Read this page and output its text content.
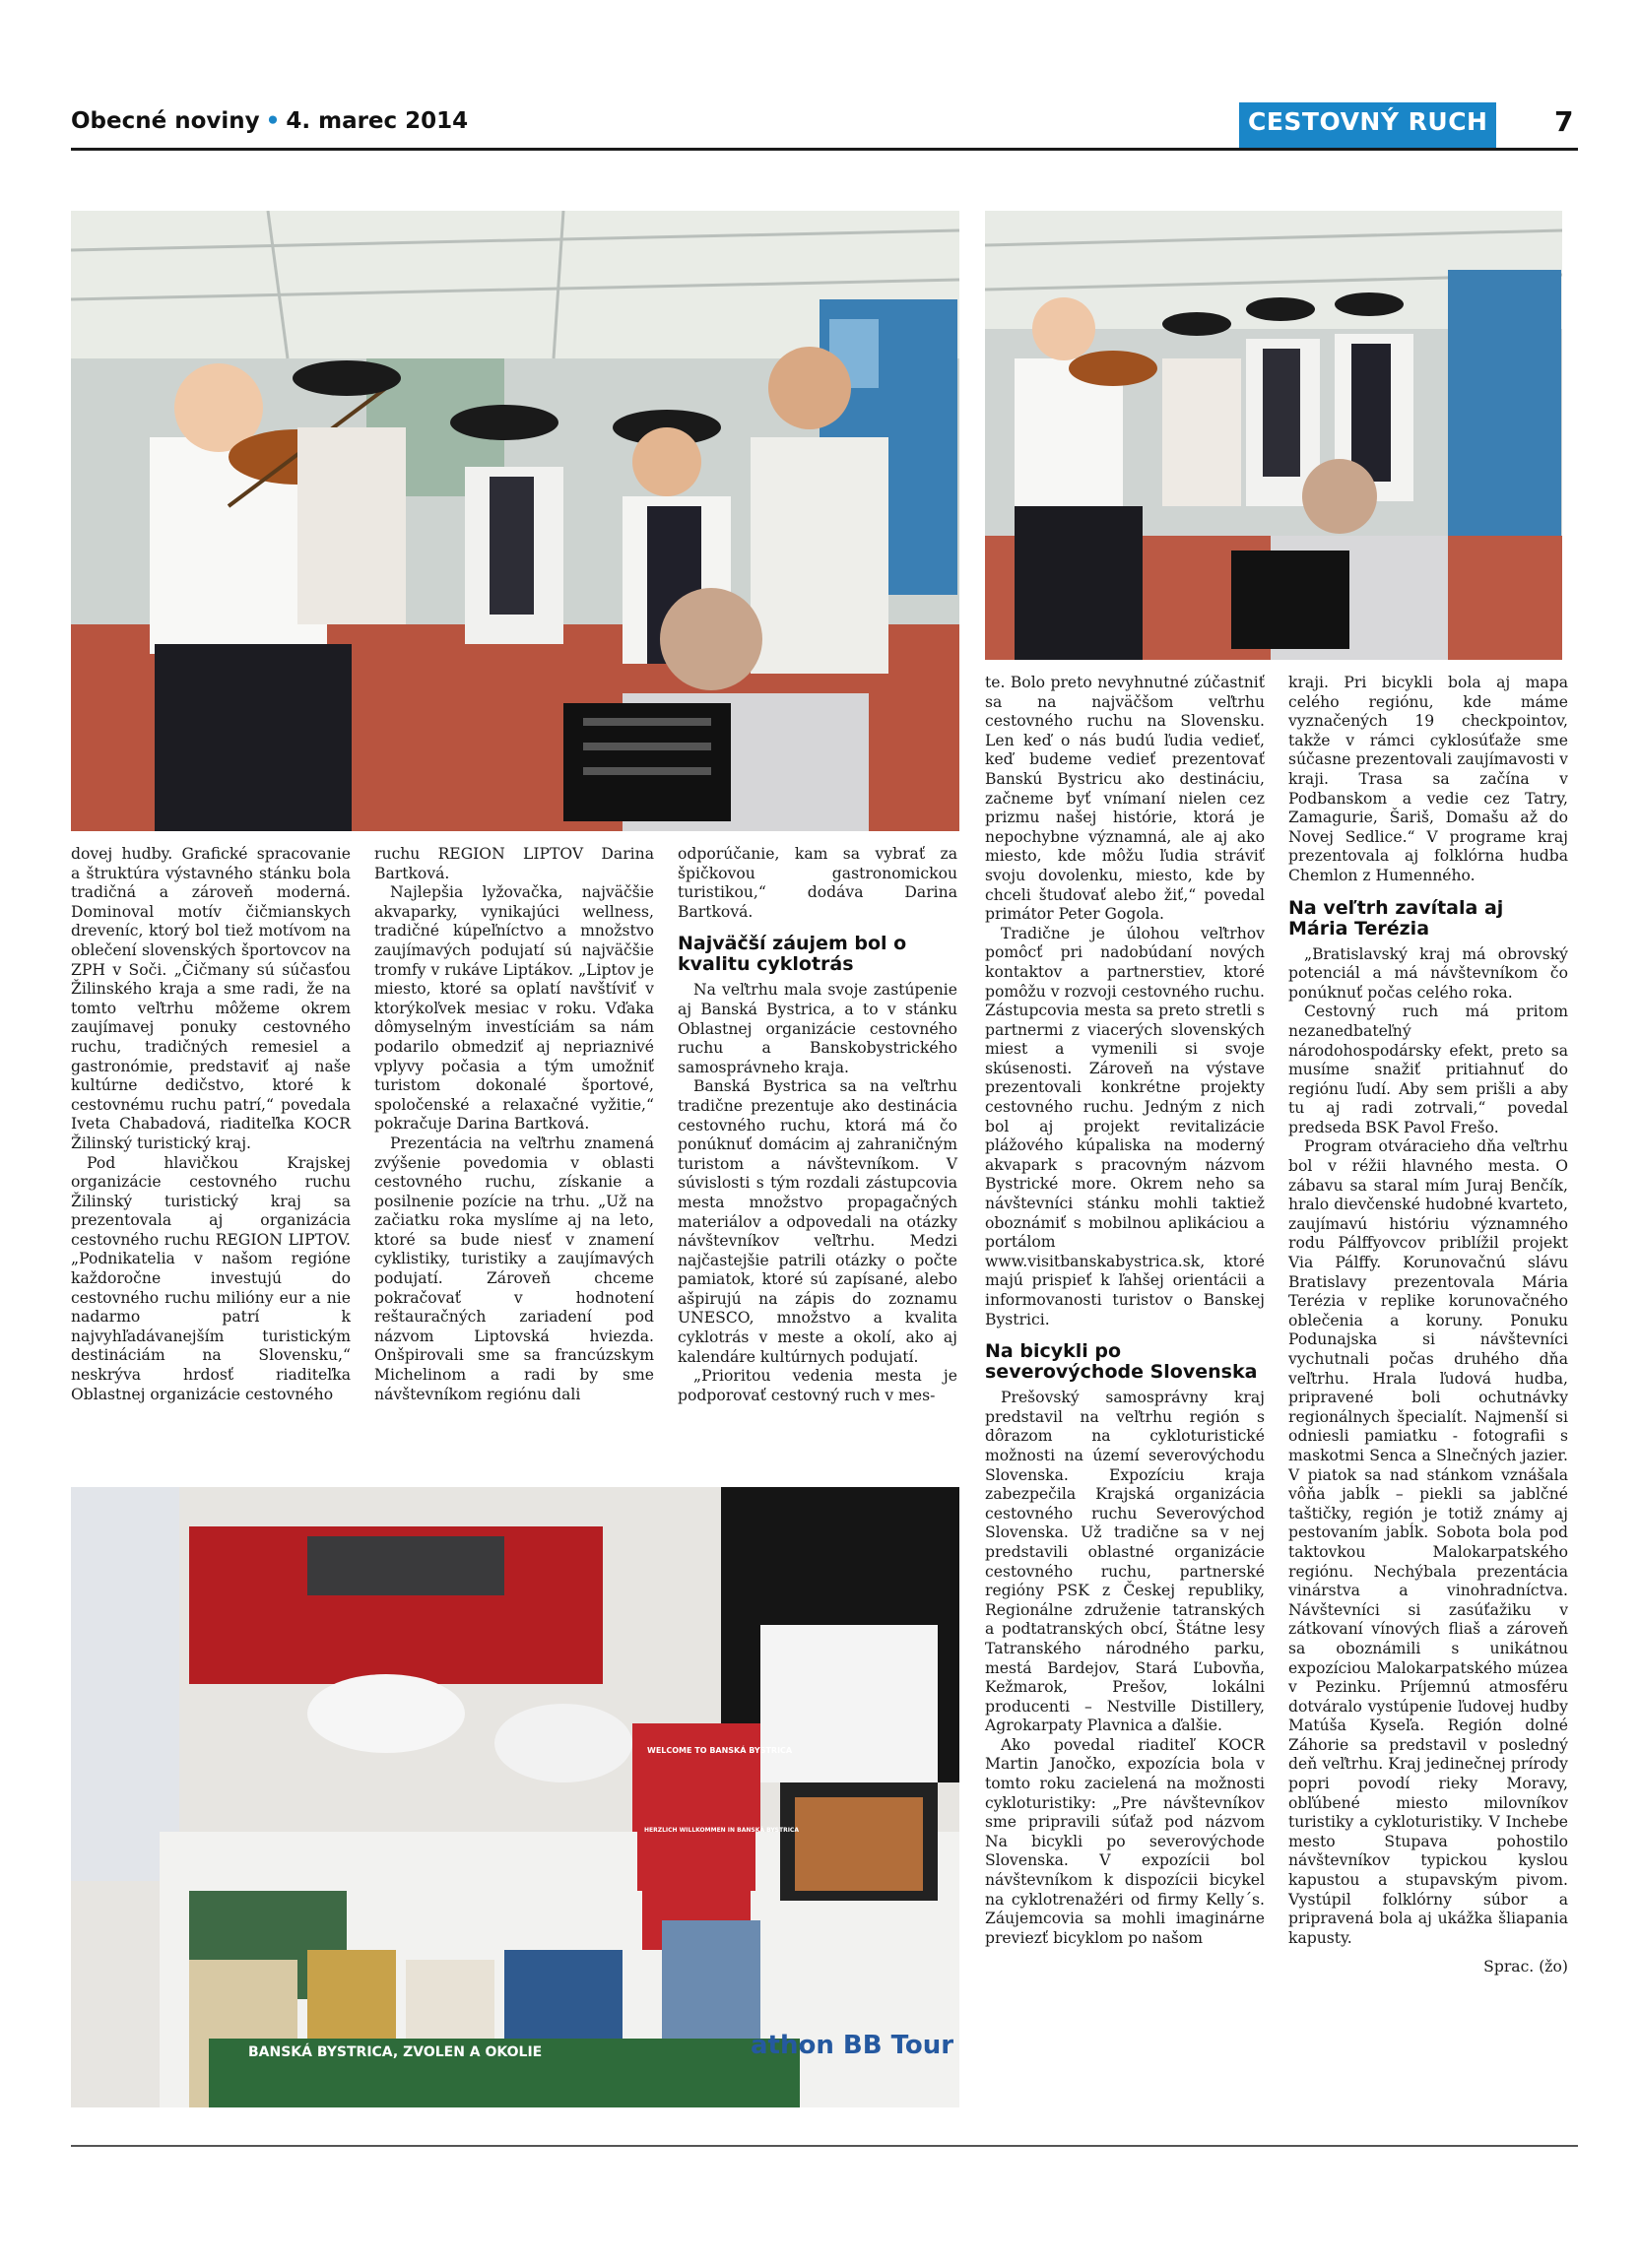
Obecné noviny • 4. marec 2014	CESTOVNÝ RUCH	7

dovej hudby. Grafické spracovanie a štruktúra výstavného stánku bola tradičná a zároveň moderná. Dominoval motív čičmianskych dreveníc, ktorý bol tiež motívom na oblečení slovenských športovcov na ZPH v Soči. „Čičmany sú súčasťou Žilinského kraja a sme radi, že na tomto veľtrhu môžeme okrem zaujímavej ponuky cestovného ruchu, tradičných remesiel a gastronómie, predstaviť aj naše kultúrne dedičstvo, ktoré k cestovnému ruchu patrí,“ povedala Iveta Chabadová, riaditeľka KOCR Žilinský turistický kraj.

Pod hlavičkou Krajskej organizácie cestovného ruchu Žilinský turistický kraj sa prezentovala aj organizácia cestovného ruchu REGION LIPTOV. „Podnikatelia v našom regióne každoročne investujú do cestovného ruchu milióny eur a nie nadarmo patrí k najvyhľadávanejším turistickým destináciám na Slovensku,“ neskrýva hrdosť riaditeľka Oblastnej organizácie cestovného

ruchu REGION LIPTOV Darina Bartková.

Najlepšia lyžovačka, najväčšie akvaparky, vynikajúci wellness, tradičné kúpeľníctvo a množstvo zaujímavých podujatí sú najväčšie tromfy v rukáve Liptákov. „Liptov je miesto, ktoré sa oplatí navštíviť v ktorýkoľvek mesiac v roku. Vďaka dômyselným investíciám sa nám podarilo obmedziť aj nepriaznivé vplyvy počasia a tým umožniť turistom dokonalé športové, spoločenské a relaxačné vyžitie,“ pokračuje Darina Bartková.

Prezentácia na veľtrhu znamená zvýšenie povedomia v oblasti cestovného ruchu, získanie a posilnenie pozície na trhu. „Už na začiatku roka myslíme aj na leto, ktoré sa bude niesť v znamení cyklistiky, turistiky a zaujímavých podujatí. Zároveň chceme pokračovať v hodnotení reštauračných zariadení pod názvom Liptovská hviezda. Onšpirovali sme sa francúzskym Michelinom a radi by sme návštevníkom regiónu dali

odporúčanie, kam sa vybrať za špičkovou gastronomickou turistikou,“ dodáva Darina Bartková.

Najväčší záujem bol o kvalitu cyklotrás

Na veľtrhu mala svoje zastúpenie aj Banská Bystrica, a to v stánku Oblastnej organizácie cestovného ruchu a Banskobystrického samosprávneho kraja.

Banská Bystrica sa na veľtrhu tradične prezentuje ako destinácia cestovného ruchu, ktorá má čo ponúknuť domácim aj zahraničným turistom a návštevníkom. V súvislosti s tým rozdali zástupcovia mesta množstvo propagačných materiálov a odpovedali na otázky návštevníkov veľtrhu. Medzi najčastejšie patrili otázky o počte pamiatok, ktoré sú zapísané, alebo ašpirujú na zápis do zoznamu UNESCO, množstvo a kvalita cyklotrás v meste a okolí, ako aj kalendáre kultúrnych podujatí.

„Prioritou vedenia mesta je podporovať cestovný ruch v mes-

te. Bolo preto nevyhnutné zúčastniť sa na najväčšom veľtrhu cestovného ruchu na Slovensku. Len keď o nás budú ľudia vedieť, keď budeme vedieť prezentovať Banskú Bystricu ako destináciu, začneme byť vnímaní nielen cez prizmu našej histórie, ktorá je nepochybne významná, ale aj ako miesto, kde môžu ľudia stráviť svoju dovolenku, miesto, kde by chceli študovať alebo žiť,“ povedal primátor Peter Gogola.

Tradične je úlohou veľtrhov pomôcť pri nadobúdaní nových kontaktov a partnerstiev, ktoré pomôžu v rozvoji cestovného ruchu. Zástupcovia mesta sa preto stretli s partnermi z viacerých slovenských miest a vymenili si svoje skúsenosti. Zároveň na výstave prezentovali konkrétne projekty cestovného ruchu. Jedným z nich bol aj projekt revitalizácie plážového kúpaliska na moderný akvapark s pracovným názvom Bystrické more. Okrem neho sa návštevníci stánku mohli taktiež oboznámiť s mobilnou aplikáciou a portálom www.visitbanskabystrica.sk, ktoré majú prispieť k ľahšej orientácii a informovanosti turistov o Banskej Bystrici.

Na bicykli po severovýchode Slovenska

Prešovský samosprávny kraj predstavil na veľtrhu región s dôrazom na cykloturistické možnosti na území severovýchodu Slovenska. Expozíciu kraja zabezpečila Krajská organizácia cestovného ruchu Severovýchod Slovenska. Už tradične sa v nej predstavili oblastné organizácie cestovného ruchu, partnerské regióny PSK z Českej republiky, Regionálne združenie tatranských a podtatranských obcí, Štátne lesy Tatranského národného parku, mestá Bardejov, Stará Ľubovňa, Kežmarok, Prešov, lokálni producenti – Nestville Distillery, Agrokarpaty Plavnica a ďalšie.

Ako povedal riaditeľ KOCR Martin Janočko, expozícia bola v tomto roku zacielená na možnosti cykloturistiky: „Pre návštevníkov sme pripravili súťaž pod názvom Na bicykli po severovýchode Slovenska. V expozícii bol návštevníkom k dispozícii bicykel na cyklotrenažéri od firmy Kelly´s. Záujemcovia sa mohli imaginárne previezť bicyklom po našom

kraji. Pri bicykli bola aj mapa celého regiónu, kde máme vyznačených 19 checkpointov, takže v rámci cyklosúťaže sme súčasne prezentovali zaujímavosti v kraji. Trasa sa začína v Podbanskom a vedie cez Tatry, Zamagurie, Šariš, Domašu až do Novej Sedlice.“ V programe kraj prezentovala aj folklórna hudba Chemlon z Humenného.

Na veľtrh zavítala aj Mária Terézia

„Bratislavský kraj má obrovský potenciál a má návštevníkom čo ponúknuť počas celého roka.

Cestovný ruch má pritom nezanedbateľný národohospodársky efekt, preto sa musíme snažiť pritiahnuť do regiónu ľudí. Aby sem prišli a aby tu aj radi zotrvali,“ povedal predseda BSK Pavol Frešo.

Program otváracieho dňa veľtrhu bol v réžii hlavného mesta. O zábavu sa staral mím Juraj Benčík, hralo dievčenské hudobné kvarteto, zaujímavú históriu významného rodu Pálffyovcov priblížil projekt Via Pálffy. Korunovačnú slávu Bratislavy prezentovala Mária Terézia v replike korunovačného oblečenia a koruny. Ponuku Podunajska si návštevníci vychutnali počas druhého dňa veľtrhu. Hrala ľudová hudba, pripravené boli ochutnávky regionálnych špecialít. Najmenší si odniesli pamiatku - fotografii s maskotmi Senca a Slnečných jazier. V piatok sa nad stánkom vznášala vôňa jabĺk – piekli sa jablčné taštičky, región je totiž známy aj pestovaním jabĺk. Sobota bola pod taktovkou Malokarpatského regiónu. Nechýbala prezentácia vinárstva a vinohradníctva. Návštevníci si zasúťažiku v zátkovaní vínových fliaš a zároveň sa oboznámili s unikátnou expozíciou Malokarpatského múzea v Pezinku. Príjemnú atmosféru dotváralo vystúpenie ľudovej hudby Matúša Kyseľa. Región dolné Záhorie sa predstavil v posledný deň veľtrhu. Kraj jedinečnej prírody popri povodí rieky Moravy, obľúbené miesto milovníkov turistiky a cykloturistiky. V Inchebe mesto Stupava pohostilo návštevníkov typickou kyslou kapustou a stupavským pivom. Vystúpil folklórny súbor a pripravená bola aj ukážka šliapania kapusty.

Sprac. (žo)
BANSKÁ BYSTRICA, ZVOLEN A OKOLIE	athon BB Tour
WELCOME TO BANSKÁ BYSTRICA
HERZLICH WILLKOMMEN IN BANSKÁ BYSTRICA
